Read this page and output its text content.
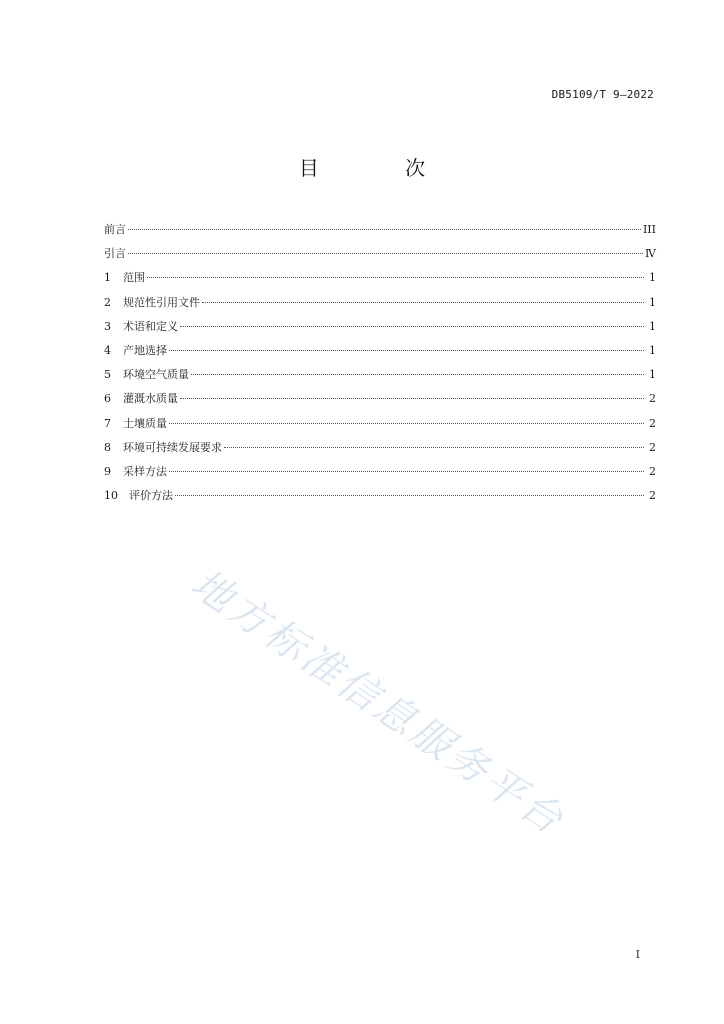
DB5109/T 9—2022
目 次
前言	III
引言	Ⅳ
1	范围	1
2	规范性引用文件	1
3	术语和定义	1
4	产地选择	1
5	环境空气质量	1
6	灌溉水质量	2
7	土壤质量	2
8	环境可持续发展要求	2
9	采样方法	2
10	评价方法	2
地方标准信息服务平台
I
